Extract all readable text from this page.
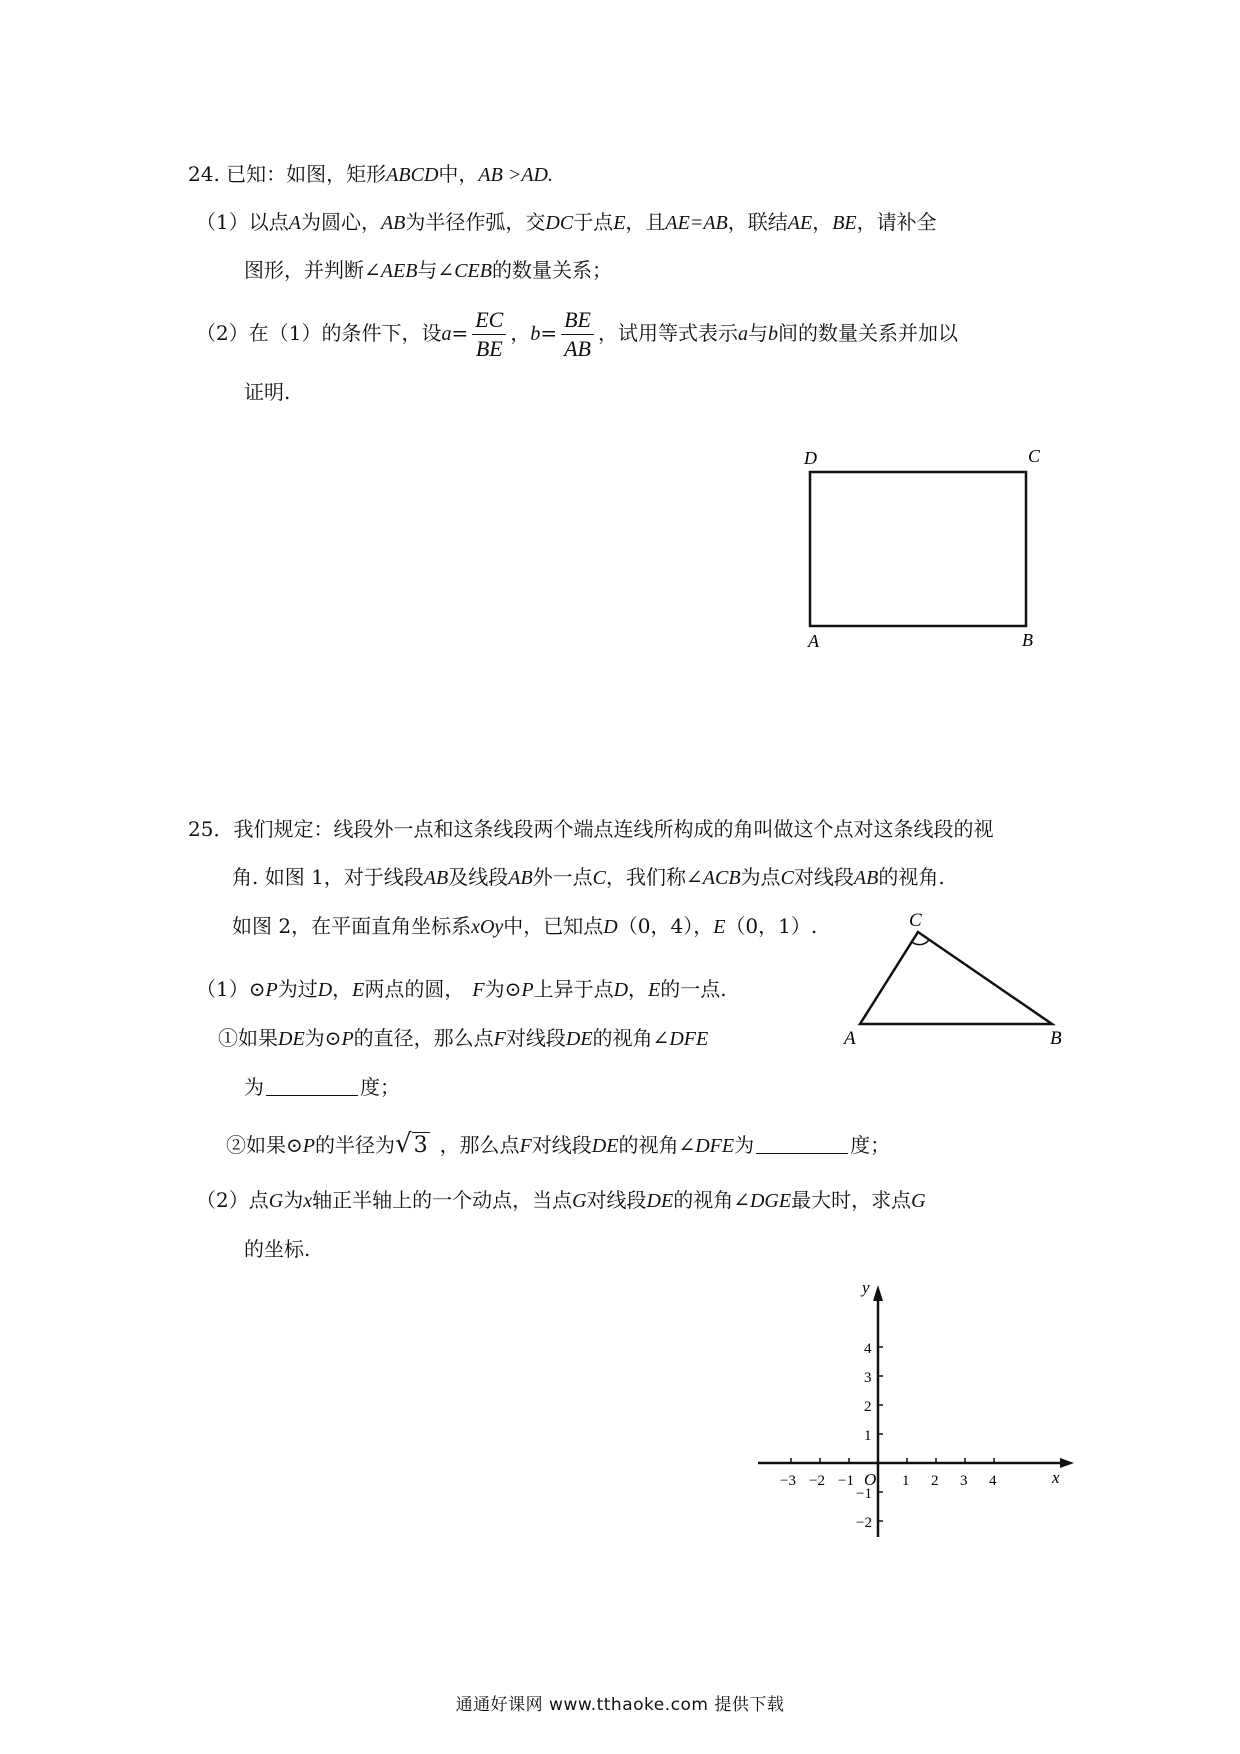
24. 已知：如图，矩形ABCD中，AB >AD.
（1）以点A为圆心，AB为半径作弧，交DC于点E，且AE=AB，联结AE，BE，请补全
图形，并判断∠AEB与∠CEB的数量关系；
（2）在（1）的条件下，设$a= \frac{EC}{BE}$ ，$b= \frac{BE}{AB}$ ，试用等式表示a与b间的数量关系并加以
证明.
D	C
A	B
25．我们规定：线段外一点和这条线段两个端点连线所构成的角叫做这个点对这条线段的视
角. 如图 1，对于线段AB及线段AB外一点C，我们称∠ACB为点C对线段AB的视角.
如图 2，在平面直角坐标系xOy中，已知点D（0，4），E（0，1）.
（1）⊙P为过D，E两点的圆， F为⊙P上异于点D，E的一点.
①如果DE为⊙P的直径，那么点F对线段DE的视角∠DFE
为	度；
②如果⊙P的半径为√3 ，那么点F对线段DE的视角∠DFE为	度；
（2）点G为x轴正半轴上的一个动点，当点G对线段DE的视角∠DGE最大时，求点G
的坐标.
C
A	B
x
y
O
−3 −2 −1	1 2 3 4
4
3
2
1
−1
−2
通通好课网 www.tthaoke.com 提供下载
